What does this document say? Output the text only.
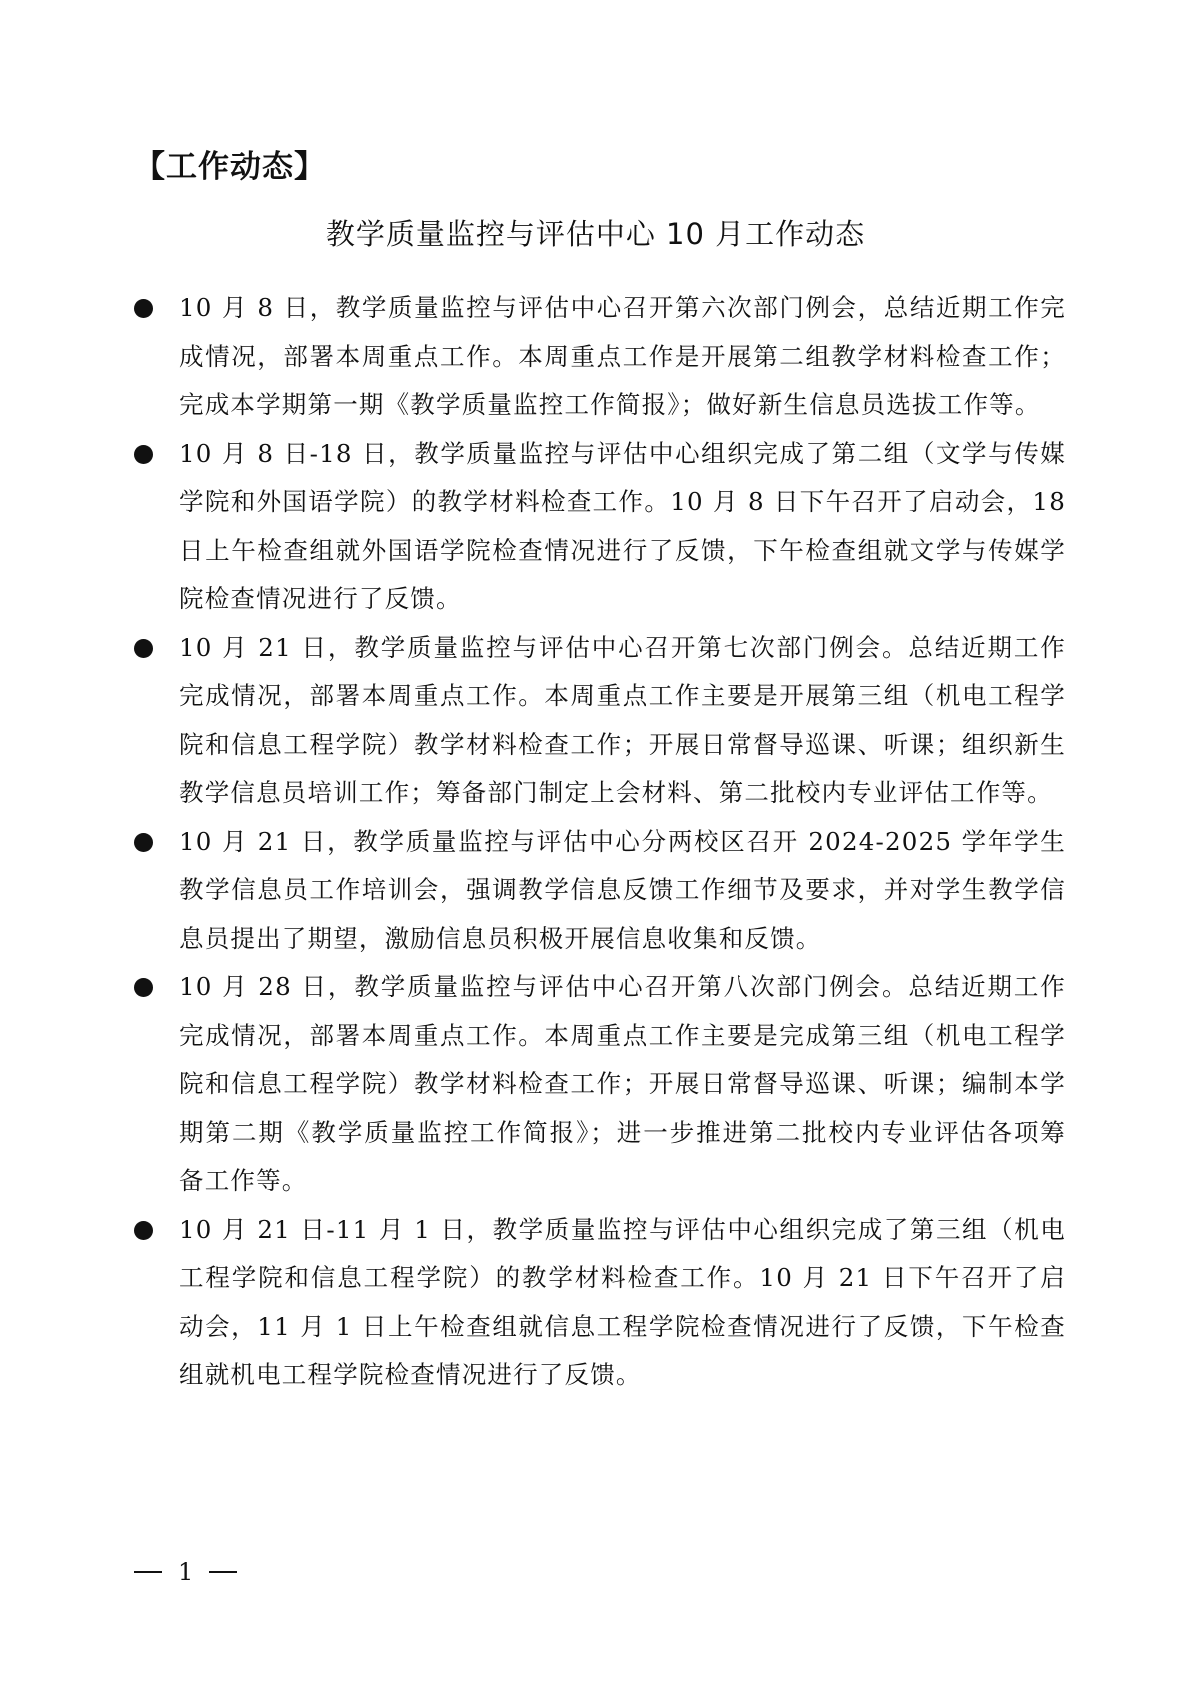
【工作动态】
教学质量监控与评估中心 10 月工作动态
10 月 8 日，教学质量监控与评估中心召开第六次部门例会，总结近期工作完成情况，部署本周重点工作。本周重点工作是开展第二组教学材料检查工作；完成本学期第一期《教学质量监控工作简报》；做好新生信息员选拔工作等。
10 月 8 日-18 日，教学质量监控与评估中心组织完成了第二组（文学与传媒学院和外国语学院）的教学材料检查工作。10 月 8 日下午召开了启动会，18 日上午检查组就外国语学院检查情况进行了反馈，下午检查组就文学与传媒学院检查情况进行了反馈。
10 月 21 日，教学质量监控与评估中心召开第七次部门例会。总结近期工作完成情况，部署本周重点工作。本周重点工作主要是开展第三组（机电工程学院和信息工程学院）教学材料检查工作；开展日常督导巡课、听课；组织新生教学信息员培训工作；筹备部门制定上会材料、第二批校内专业评估工作等。
10 月 21 日，教学质量监控与评估中心分两校区召开 2024-2025 学年学生教学信息员工作培训会，强调教学信息反馈工作细节及要求，并对学生教学信息员提出了期望，激励信息员积极开展信息收集和反馈。
10 月 28 日，教学质量监控与评估中心召开第八次部门例会。总结近期工作完成情况，部署本周重点工作。本周重点工作主要是完成第三组（机电工程学院和信息工程学院）教学材料检查工作；开展日常督导巡课、听课；编制本学期第二期《教学质量监控工作简报》；进一步推进第二批校内专业评估各项筹备工作等。
10 月 21 日-11 月 1 日，教学质量监控与评估中心组织完成了第三组（机电工程学院和信息工程学院）的教学材料检查工作。10 月 21 日下午召开了启动会，11 月 1 日上午检查组就信息工程学院检查情况进行了反馈，下午检查组就机电工程学院检查情况进行了反馈。
1
